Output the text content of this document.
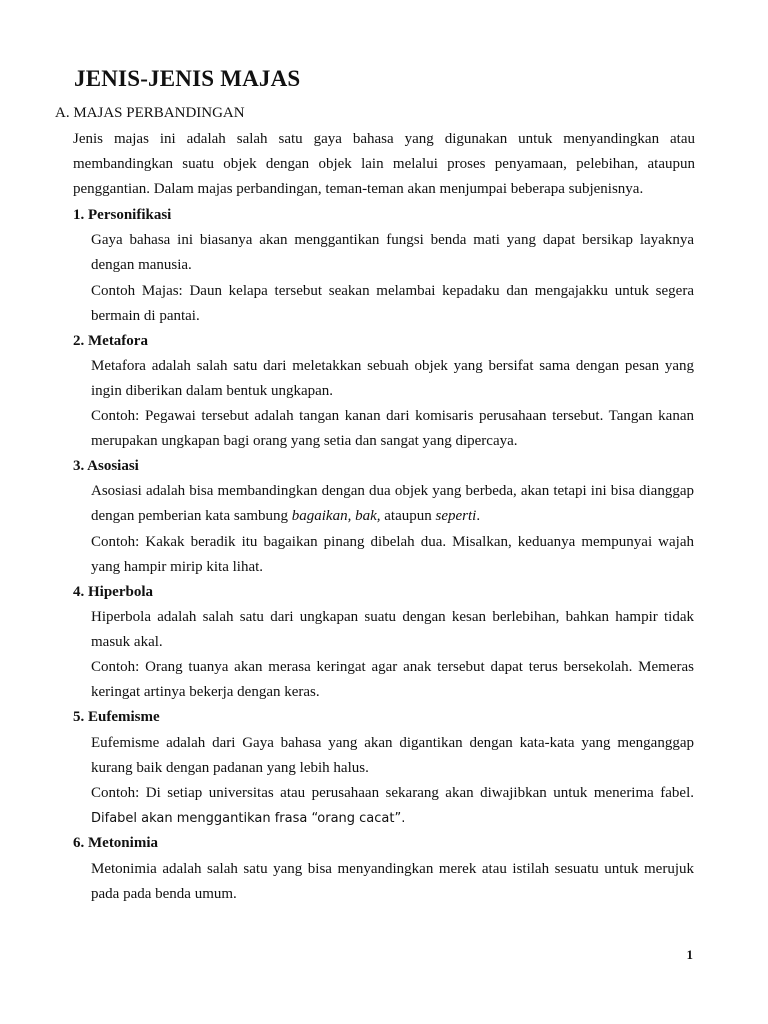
JENIS-JENIS MAJAS
A. MAJAS PERBANDINGAN
Jenis majas ini adalah salah satu gaya bahasa yang digunakan untuk menyandingkan atau membandingkan suatu objek dengan objek lain melalui proses penyamaan, pelebihan, ataupun penggantian. Dalam majas perbandingan, teman-teman akan menjumpai beberapa subjenisnya.
1. Personifikasi
Gaya bahasa ini biasanya akan menggantikan fungsi benda mati yang dapat bersikap layaknya dengan manusia.
Contoh Majas: Daun kelapa tersebut seakan melambai kepadaku dan mengajakku untuk segera bermain di pantai.
2. Metafora
Metafora adalah salah satu dari meletakkan sebuah objek yang bersifat sama dengan pesan yang ingin diberikan dalam bentuk ungkapan.
Contoh: Pegawai tersebut adalah tangan kanan dari komisaris perusahaan tersebut. Tangan kanan merupakan ungkapan bagi orang yang setia dan sangat yang dipercaya.
3. Asosiasi
Asosiasi adalah bisa membandingkan dengan dua objek yang berbeda, akan tetapi ini bisa dianggap dengan pemberian kata sambung bagaikan, bak, ataupun seperti.
Contoh: Kakak beradik itu bagaikan pinang dibelah dua. Misalkan, keduanya mempunyai wajah yang hampir mirip kita lihat.
4. Hiperbola
Hiperbola adalah salah satu dari ungkapan suatu dengan kesan berlebihan, bahkan hampir tidak masuk akal.
Contoh: Orang tuanya akan merasa keringat agar anak tersebut dapat terus bersekolah. Memeras keringat artinya bekerja dengan keras.
5. Eufemisme
Eufemisme adalah dari Gaya bahasa yang akan digantikan dengan kata-kata yang menganggap kurang baik dengan padanan yang lebih halus.
Contoh: Di setiap universitas atau perusahaan sekarang akan diwajibkan untuk menerima fabel.
Difabel akan menggantikan frasa “orang cacat”.
6. Metonimia
Metonimia adalah salah satu yang bisa menyandingkan merek atau istilah sesuatu untuk merujuk pada pada benda umum.
1
